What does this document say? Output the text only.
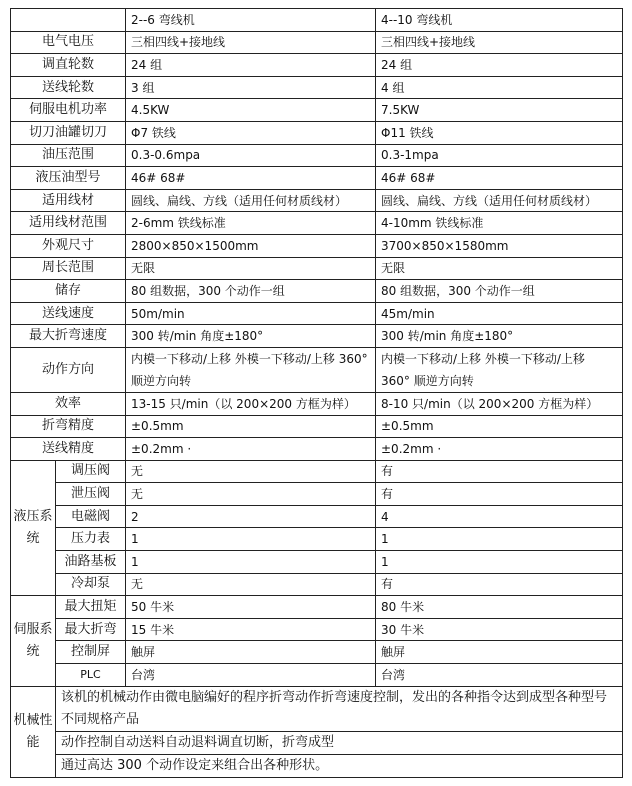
		2--6 弯线机	4--10 弯线机
电气电压		三相四线+接地线	三相四线+接地线
调直轮数		24 组	24 组
送线轮数		3 组	4 组
伺服电机功率		4.5KW	7.5KW
切刀油罐切刀		Φ7 铁线	Φ11 铁线
油压范围		0.3-0.6mpa	0.3-1mpa
液压油型号		46# 68#	46# 68#
适用线材		圆线、扁线、方线（适用任何材质线材）	圆线、扁线、方线（适用任何材质线材）
适用线材范围		2-6mm 铁线标准	4-10mm 铁线标准
外观尺寸		2800×850×1500mm	3700×850×1580mm
周长范围		无限	无限
储存		80 组数据，300 个动作一组	80 组数据，300 个动作一组
送线速度		50m/min	45m/min
最大折弯速度		300 转/min 角度±180°	300 转/min 角度±180°
动作方向		内模一下移动/上移 外模一下移动/上移 360° 顺逆方向转	内模一下移动/上移 外模一下移动/上移 360° 顺逆方向转
效率		13-15 只/min（以 200×200 方框为样）	8-10 只/min（以 200×200 方框为样）
折弯精度		±0.5mm	±0.5mm
送线精度		±0.2mm ·	±0.2mm ·
液压系统	调压阀	无	有
	泄压阀	无	有
	电磁阀	2	4
	压力表	1	1
	油路基板	1	1
	冷却泵	无	有
伺服系统	最大扭矩	50 牛米	80 牛米
	最大折弯	15 牛米	30 牛米
	控制屏	触屏	触屏
	PLC	台湾	台湾
机械性能	该机的机械动作由微电脑编好的程序折弯动作折弯速度控制，发出的各种指令达到成型各种型号不同规格产品		
	动作控制自动送料自动退料调直切断，折弯成型		
	通过高达 300 个动作设定来组合出各种形状。		
